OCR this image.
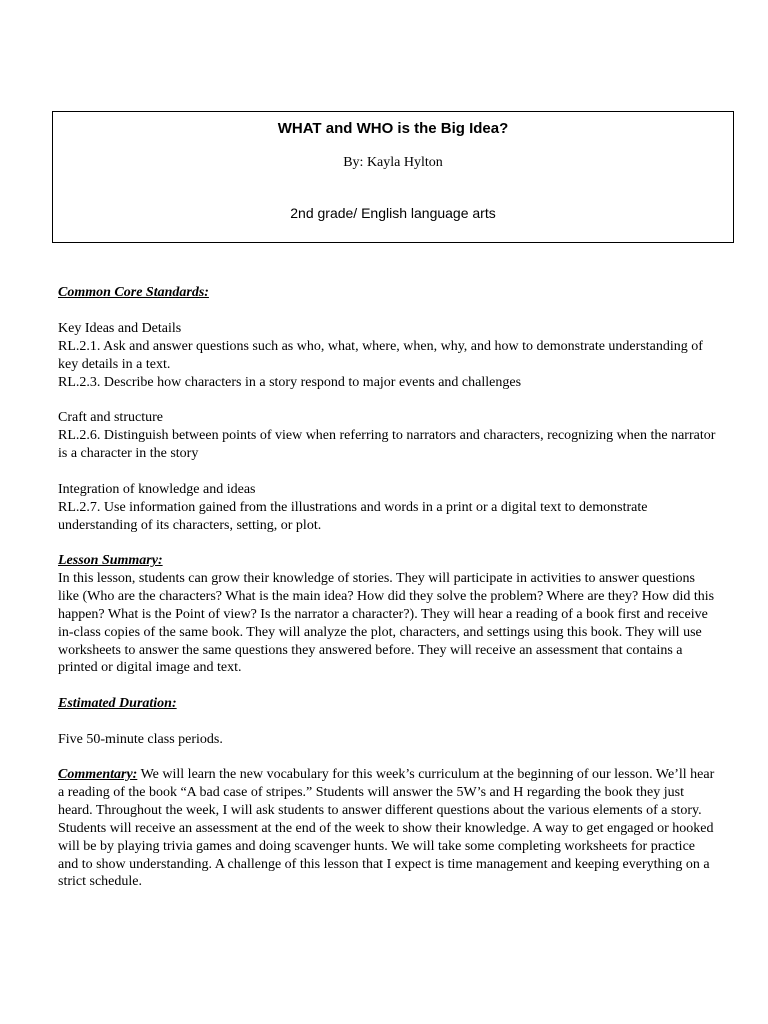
WHAT and WHO is the Big Idea?
By: Kayla Hylton
2nd grade/ English language arts

Common Core Standards:

Key Ideas and Details

RL.2.1. Ask and answer questions such as who, what, where, when, why, and how to demonstrate understanding of key details in a text.

RL.2.3. Describe how characters in a story respond to major events and challenges

Craft and structure

RL.2.6. Distinguish between points of view when referring to narrators and characters, recognizing when the narrator is a character in the story

Integration of knowledge and ideas

RL.2.7. Use information gained from the illustrations and words in a print or a digital text to demonstrate understanding of its characters, setting, or plot.

Lesson Summary:

In this lesson, students can grow their knowledge of stories. They will participate in activities to answer questions like (Who are the characters? What is the main idea? How did they solve the problem? Where are they? How did this happen? What is the Point of view? Is the narrator a character?). They will hear a reading of a book first and receive in-class copies of the same book. They will analyze the plot, characters, and settings using this book. They will use worksheets to answer the same questions they answered before. They will receive an assessment that contains a printed or digital image and text.

Estimated Duration:

Five 50-minute class periods.

Commentary: We will learn the new vocabulary for this week’s curriculum at the beginning of our lesson. We’ll hear a reading of the book “A bad case of stripes.” Students will answer the 5W’s and H regarding the book they just heard. Throughout the week, I will ask students to answer different questions about the various elements of a story. Students will receive an assessment at the end of the week to show their knowledge. A way to get engaged or hooked will be by playing trivia games and doing scavenger hunts. We will take some completing worksheets for practice and to show understanding. A challenge of this lesson that I expect is time management and keeping everything on a strict schedule.
